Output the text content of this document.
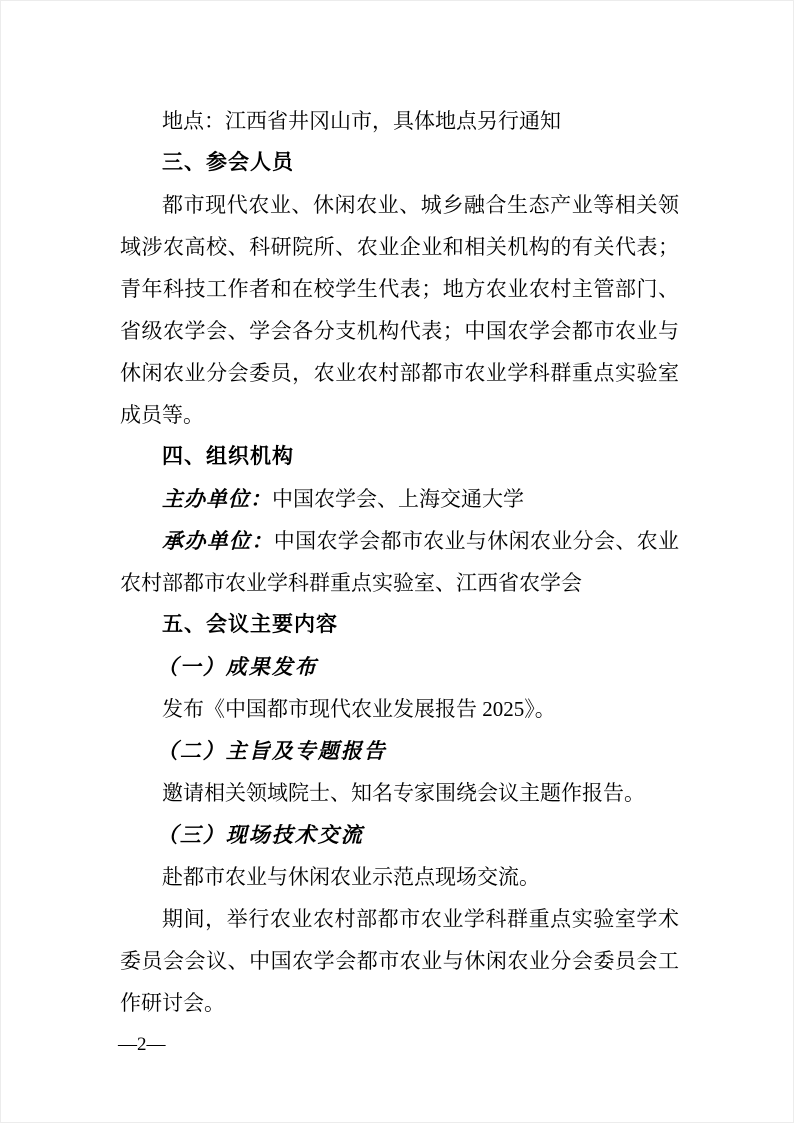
地点：江西省井冈山市，具体地点另行通知

三、参会人员

都市现代农业、休闲农业、城乡融合生态产业等相关领域涉农高校、科研院所、农业企业和相关机构的有关代表；青年科技工作者和在校学生代表；地方农业农村主管部门、省级农学会、学会各分支机构代表；中国农学会都市农业与休闲农业分会委员，农业农村部都市农业学科群重点实验室成员等。

四、组织机构

主办单位：中国农学会、上海交通大学

承办单位：中国农学会都市农业与休闲农业分会、农业农村部都市农业学科群重点实验室、江西省农学会

五、会议主要内容

（一）成果发布

发布《中国都市现代农业发展报告 2025》。

（二）主旨及专题报告

邀请相关领域院士、知名专家围绕会议主题作报告。

（三）现场技术交流

赴都市农业与休闲农业示范点现场交流。

期间，举行农业农村部都市农业学科群重点实验室学术委员会会议、中国农学会都市农业与休闲农业分会委员会工作研讨会。

—2—
